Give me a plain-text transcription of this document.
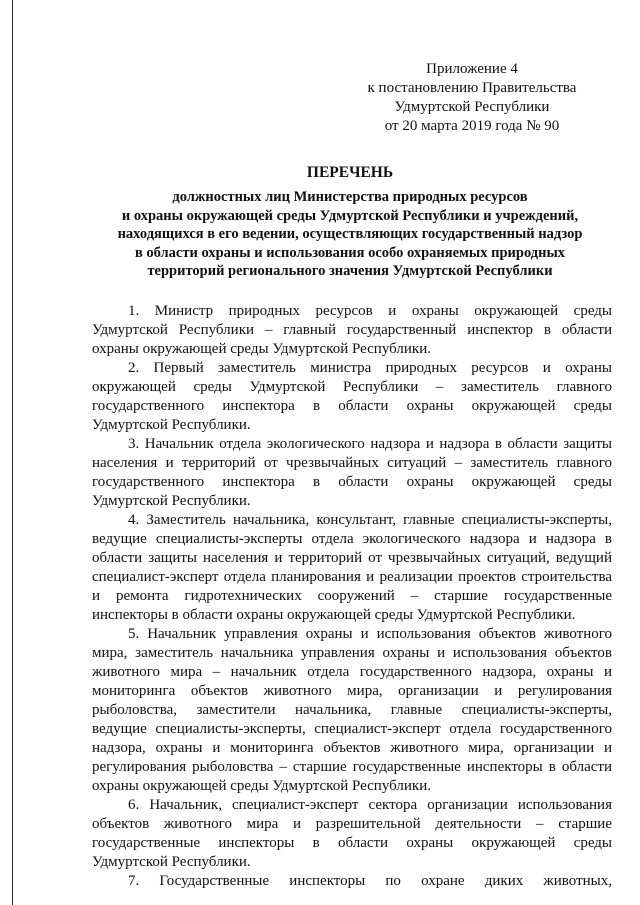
Приложение 4
к постановлению Правительства
Удмуртской Республики
от 20 марта 2019 года № 90

ПЕРЕЧЕНЬ

должностных лиц Министерства природных ресурсов
и охраны окружающей среды Удмуртской Республики и учреждений,
находящихся в его ведении, осуществляющих государственный надзор
в области охраны и использования особо охраняемых природных
территорий регионального значения Удмуртской Республики
1. Министр природных ресурсов и охраны окружающей среды
Удмуртской Республики – главный государственный инспектор в области
охраны окружающей среды Удмуртской Республики.
2. Первый заместитель министра природных ресурсов и охраны
окружающей среды Удмуртской Республики – заместитель главного
государственного инспектора в области охраны окружающей среды
Удмуртской Республики.
3. Начальник отдела экологического надзора и надзора в области защиты
населения и территорий от чрезвычайных ситуаций – заместитель главного
государственного инспектора в области охраны окружающей среды
Удмуртской Республики.
4. Заместитель начальника, консультант, главные специалисты-эксперты,
ведущие специалисты-эксперты отдела экологического надзора и надзора в
области защиты населения и территорий от чрезвычайных ситуаций, ведущий
специалист-эксперт отдела планирования и реализации проектов строительства
и ремонта гидротехнических сооружений – старшие государственные
инспекторы в области охраны окружающей среды Удмуртской Республики.
5. Начальник управления охраны и использования объектов животного
мира, заместитель начальника управления охраны и использования объектов
животного мира – начальник отдела государственного надзора, охраны и
мониторинга объектов животного мира, организации и регулирования
рыболовства, заместители начальника, главные специалисты-эксперты,
ведущие специалисты-эксперты, специалист-эксперт отдела государственного
надзора, охраны и мониторинга объектов животного мира, организации и
регулирования рыболовства – старшие государственные инспекторы в области
охраны окружающей среды Удмуртской Республики.
6. Начальник, специалист-эксперт сектора организации использования
объектов животного мира и разрешительной деятельности – старшие
государственные инспекторы в области охраны окружающей среды
Удмуртской Республики.
7. Государственные инспекторы по охране диких животных,
